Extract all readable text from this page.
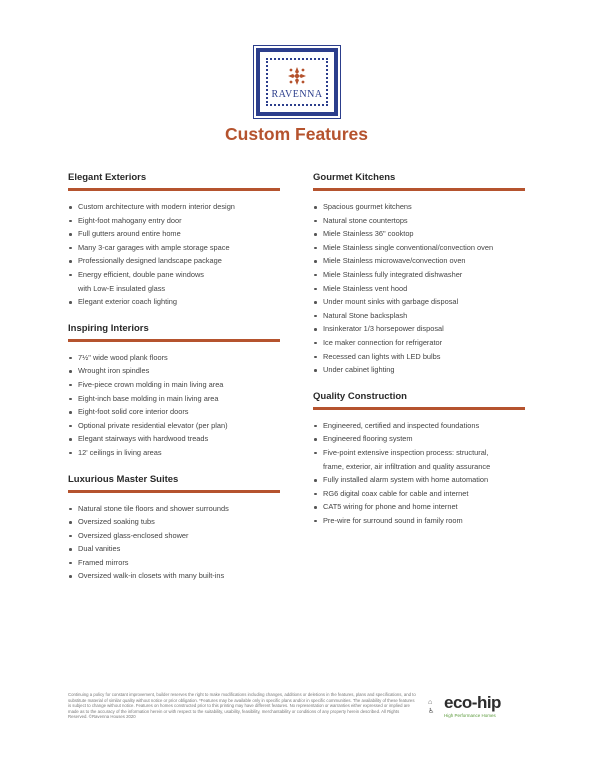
RAVENNA
Custom Features
Elegant Exteriors
Custom architecture with modern interior design
Eight-foot mahogany entry door
Full gutters around entire home
Many 3-car garages with ample storage space
Professionally designed landscape package
Energy efficient, double pane windows
with Low-E insulated glass
Elegant exterior coach lighting
Inspiring Interiors
7½" wide wood plank floors
Wrought iron spindles
Five-piece crown molding in main living area
Eight-inch base molding in main living area
Eight-foot solid core interior doors
Optional private residential elevator (per plan)
Elegant stairways with hardwood treads
12' ceilings in living areas
Luxurious Master Suites
Natural stone tile floors and shower surrounds
Oversized soaking tubs
Oversized glass-enclosed shower
Dual vanities
Framed mirrors
Oversized walk-in closets with many built-ins
Gourmet Kitchens
Spacious gourmet kitchens
Natural stone countertops
Miele Stainless 36" cooktop
Miele Stainless single conventional/convection oven
Miele Stainless microwave/convection oven
Miele Stainless fully integrated dishwasher
Miele Stainless vent hood
Under mount sinks with garbage disposal
Natural Stone backsplash
Insinkerator 1/3 horsepower disposal
Ice maker connection for refrigerator
Recessed can lights with LED bulbs
Under cabinet lighting
Quality Construction
Engineered, certified and inspected foundations
Engineered flooring system
Five-point extensive inspection process: structural,
frame, exterior, air infiltration and quality assurance
Fully installed alarm system with home automation
RG6 digital coax cable for cable and internet
CAT5 wiring for phone and home internet
Pre-wire for surround sound in family room

Continuing a policy for constant improvement, builder reserves the right to make modifications including changes, additions or deletions in the features, plans and specifications, and to substitute material of similar quality without notice or prior obligation. *Features may be available only in specific plans and/or in specific communities. The availability of these features is subject to change without notice. Features on homes constructed prior to this printing may have different features. No representation or warranties either expressed or implied are made as to the accuracy of the information herein or with respect to the suitability, usability, feasibility, merchantability or conditions of any property herein described. All Rights Reserved. ©Ravenna Houses 2020

⌂
♿ eco-hip
High Performance Homes
